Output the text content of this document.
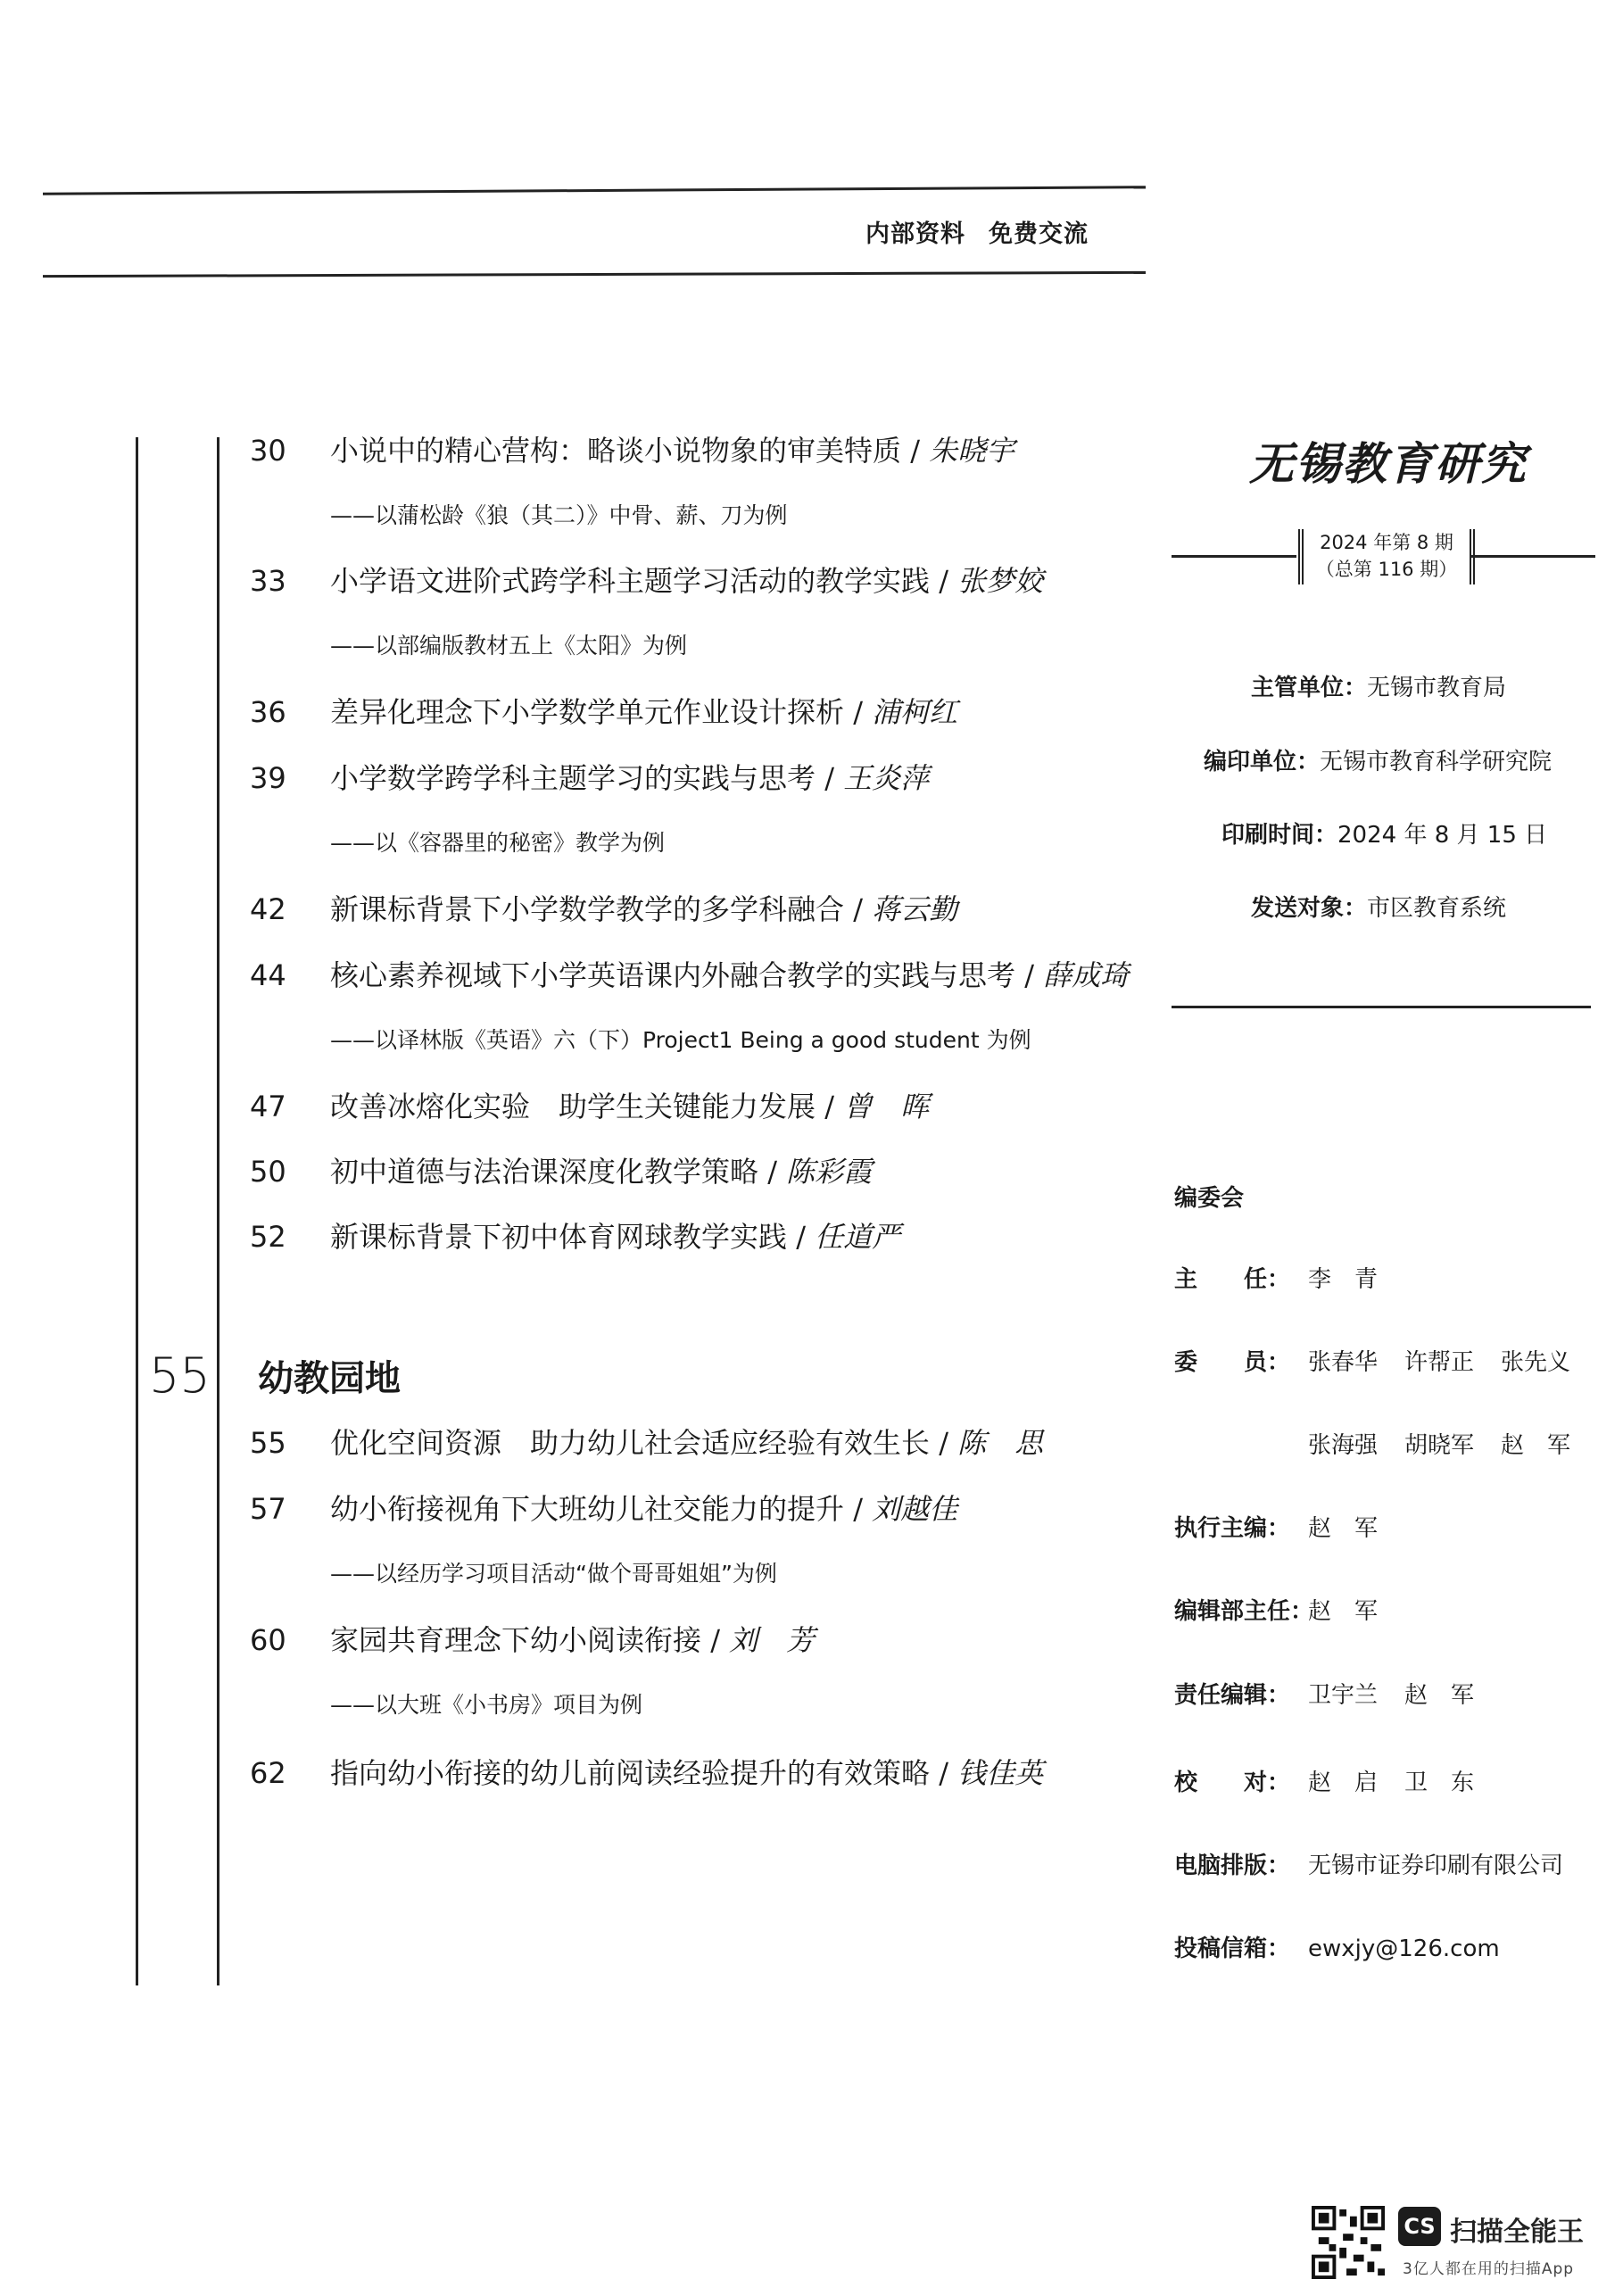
内部资料 免费交流
30 小说中的精心营构：略谈小说物象的审美特质 / 朱晓宇
——以蒲松龄《狼（其二）》中骨、薪、刀为例
33 小学语文进阶式跨学科主题学习活动的教学实践 / 张梦姣
——以部编版教材五上《太阳》为例
36 差异化理念下小学数学单元作业设计探析 / 浦柯红
39 小学数学跨学科主题学习的实践与思考 / 王炎萍
——以《容器里的秘密》教学为例
42 新课标背景下小学数学教学的多学科融合 / 蒋云勤
44 核心素养视域下小学英语课内外融合教学的实践与思考 / 薛成琦
——以译林版《英语》六（下）Project1 Being a good student 为例
47 改善冰熔化实验　助学生关键能力发展 / 曾　晖
50 初中道德与法治课深度化教学策略 / 陈彩霞
52 新课标背景下初中体育网球教学实践 / 任道严
55 幼教园地
55 优化空间资源　助力幼儿社会适应经验有效生长 / 陈　思
57 幼小衔接视角下大班幼儿社交能力的提升 / 刘越佳
——以经历学习项目活动“做个哥哥姐姐”为例
60 家园共育理念下幼小阅读衔接 / 刘　芳
——以大班《小书房》项目为例
62 指向幼小衔接的幼儿前阅读经验提升的有效策略 / 钱佳英
无锡教育研究
2024 年第 8 期
（总第 116 期）
主管单位：无锡市教育局
编印单位：无锡市教育科学研究院
印刷时间：2024 年 8 月 15 日
发送对象：市区教育系统
编委会
主　　任： 李　青
委　　员： 张春华 许帮正 张先义
张海强 胡晓军 赵　军
执行主编： 赵　军
编辑部主任：赵　军
责任编辑： 卫宇兰 赵　军
校　　对： 赵　启 卫　东
电脑排版： 无锡市证券印刷有限公司
投稿信箱： ewxjy@126.com
CS 扫描全能王
3亿人都在用的扫描App
